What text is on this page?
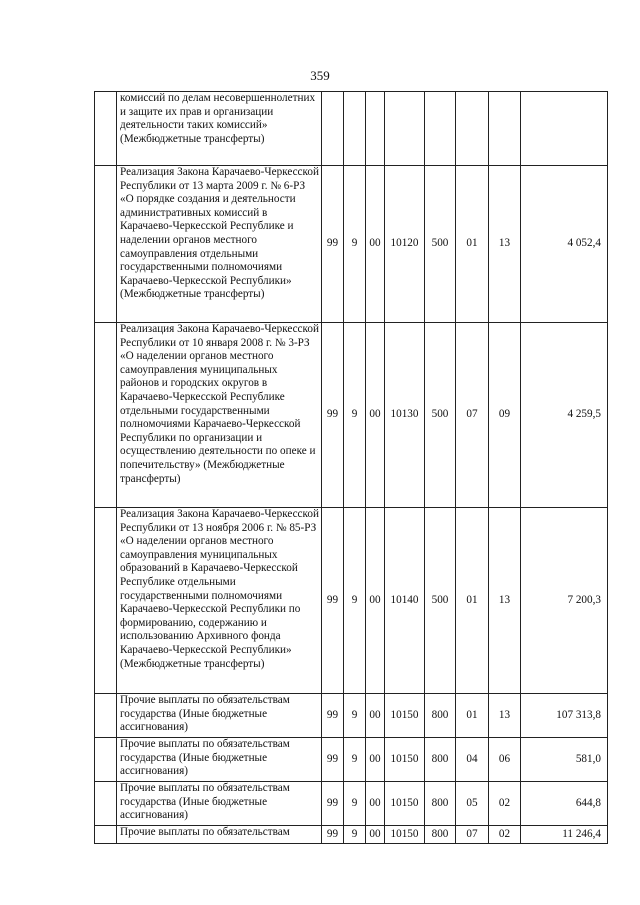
359

	комиссий по делам несовершеннолетних и защите их прав и организации деятельности таких комиссий» (Межбюджетные трансферты)								

	Реализация Закона Карачаево-Черкесской Республики от 13 марта 2009 г. № 6-РЗ «О порядке создания и деятельности административных комиссий в Карачаево-Черкесской Республике и наделении органов местного самоуправления отдельными государственными полномочиями Карачаево-Черкесской Республики» (Межбюджетные трансферты)	99	9	00	10120	500	01	13	4 052,4

	Реализация Закона Карачаево-Черкесской Республики от 10 января 2008 г. № 3-РЗ «О наделении органов местного самоуправления муниципальных районов и городских округов в Карачаево-Черкесской Республике отдельными государственными полномочиями Карачаево-Черкесской Республики по организации и осуществлению деятельности по опеке и попечительству» (Межбюджетные трансферты)	99	9	00	10130	500	07	09	4 259,5

	Реализация Закона Карачаево-Черкесской Республики от 13 ноября 2006 г. № 85-РЗ «О наделении органов местного самоуправления муниципальных образований в Карачаево-Черкесской Республике отдельными государственными полномочиями Карачаево-Черкесской Республики по формированию, содержанию и использованию Архивного фонда Карачаево-Черкесской Республики» (Межбюджетные трансферты)	99	9	00	10140	500	01	13	7 200,3

	Прочие выплаты по обязательствам государства (Иные бюджетные ассигнования)	99	9	00	10150	800	01	13	107 313,8

	Прочие выплаты по обязательствам государства (Иные бюджетные ассигнования)	99	9	00	10150	800	04	06	581,0

	Прочие выплаты по обязательствам государства (Иные бюджетные ассигнования)	99	9	00	10150	800	05	02	644,8

	Прочие выплаты по обязательствам	99	9	00	10150	800	07	02	11 246,4
